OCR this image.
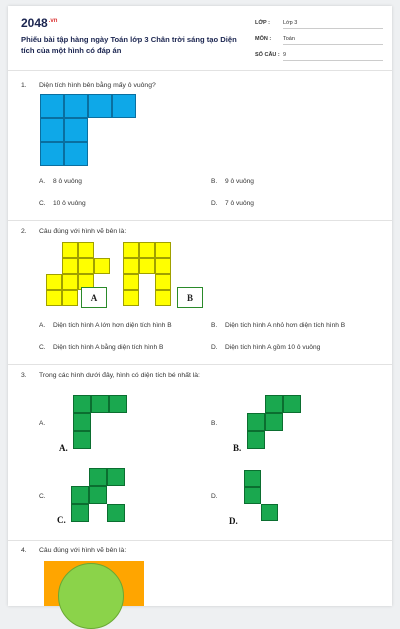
$2048^{.vn}$
Phiếu bài tập hàng ngày Toán lớp 3 Chân trời sáng tạo Diện tích của một hình có đáp án
LỚP : Lớp 3
MÔN : Toán
SỐ CÂU : 9
1. Diện tích hình bên bằng mấy ô vuông?
A. 8 ô vuông	B. 9 ô vuông
C. 10 ô vuông	D. 7 ô vuông
2. Câu đúng với hình vẽ bên là:
A	B
A. Diện tích hình A lớn hơn diện tích hình B	B. Diện tích hình A nhỏ hơn diện tích hình B
C. Diện tích hình A bằng diện tích hình B	D. Diện tích hình A gồm 10 ô vuông
3. Trong các hình dưới đây, hình có diện tích bé nhất là:
A.
A.
B.
B.
C.
C.
D.
D.
4. Câu đúng với hình vẽ bên là:
